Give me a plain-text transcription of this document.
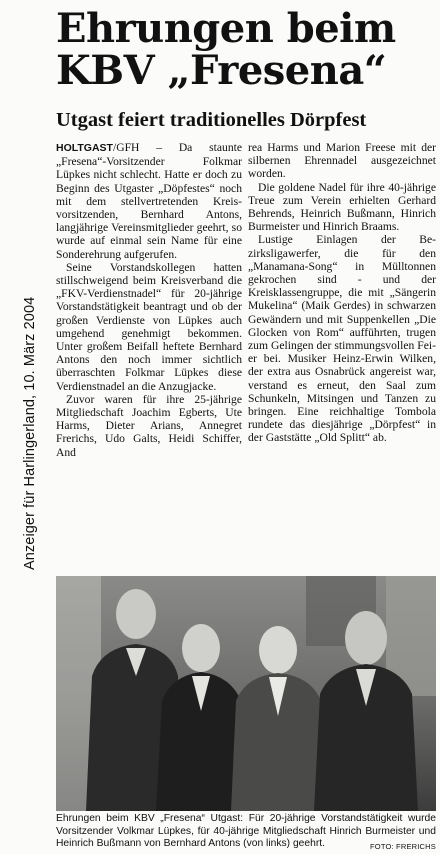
Ehrungen beim
KBV „Fresena“
Utgast feiert traditionelles Dörpfest
Anzeiger für Harlingerland, 10. März 2004

HOLTGAST/GFH – Da staunte „Fresena“-Vorsitzender Folkmar Lüpkes nicht schlecht. Hatte er doch zu Beginn des Utgaster „Döpfestes“ noch mit dem stellvertretenden Kreisvorsitzenden, Bernhard Antons, langjährige Vereinsmitglieder geehrt, so wurde auf einmal sein Name für eine Sonderehrung aufgerufen.

Seine Vorstandskollegen hatten stillschweigend beim Kreisverband die „FKV-Verdienstnadel“ für 20-jährige Vorstandstätigkeit beantragt und ob der großen Verdienste von Lüpkes auch umgehend genehmigt bekommen. Unter großem Beifall heftete Bernhard Antons den noch immer sichtlich überraschten Folkmar Lüpkes diese Verdienstnadel an die Anzugjacke.

Zuvor waren für ihre 25-jährige Mitgliedschaft Joachim Egberts, Ute Harms, Dieter Arians, Annegret Frerichs, Udo Galts, Heidi Schiffer, And

rea Harms und Marion Freese mit der silbernen Ehrennadel ausgezeichnet worden.

Die goldene Nadel für ihre 40-jährige Treue zum Verein erhielten Gerhard Behrends, Heinrich Bußmann, Hinrich Burmeister und Hinrich Braams.

Lustige Einlagen der Bezirksligawerfer, die für den „Manamana-Song“ in Mülltonnen gekrochen sind - und der Kreisklassengruppe, die mit „Sängerin Mukelina“ (Maik Gerdes) in schwarzen Gewändern und mit Suppenkellen „Die Glocken von Rom“ aufführten, trugen zum Gelingen der stimmungsvollen Feier bei. Musiker Heinz-Erwin Wilken, der extra aus Osnabrück angereist war, verstand es erneut, den Saal zum Schunkeln, Mitsingen und Tanzen zu bringen. Eine reichhaltige Tombola rundete das diesjährige „Dörpfest“ in der Gaststätte „Old Splitt“ ab.

Ehrungen beim KBV „Fresena“ Utgast: Für 20-jährige Vorstandstätigkeit wurde Vorsitzender Volkmar Lüpkes, für 40-jährige Mitgliedschaft Hinrich Burmeister und Heinrich Bußmann von Bernhard Antons (von links) geehrt.	FOTO: FRERICHS
